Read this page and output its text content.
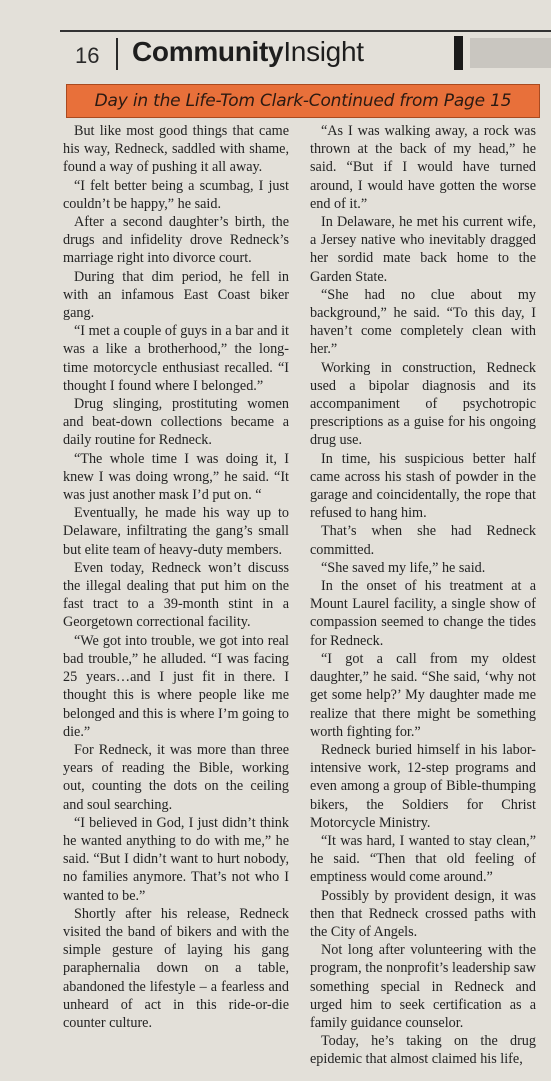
16 CommunityInsight
Day in the Life-Tom Clark-Continued from Page 15

But like most good things that came his way, Redneck, saddled with shame, found a way of pushing it all away.

“I felt better being a scumbag, I just couldn’t be happy,” he said.

After a second daughter’s birth, the drugs and infidelity drove Redneck’s marriage right into divorce court.

During that dim period, he fell in with an infamous East Coast biker gang.

“I met a couple of guys in a bar and it was a like a brotherhood,” the long-time motorcycle enthusiast recalled. “I thought I found where I belonged.”

Drug slinging, prostituting women and beat-down collections became a daily routine for Redneck.

“The whole time I was doing it, I knew I was doing wrong,” he said. “It was just another mask I’d put on. “

Eventually, he made his way up to Delaware, infiltrating the gang’s small but elite team of heavy-duty members.

Even today, Redneck won’t discuss the illegal dealing that put him on the fast tract to a 39-month stint in a Georgetown correctional facility.

“We got into trouble, we got into real bad trouble,” he alluded. “I was facing 25 years…and I just fit in there. I thought this is where people like me belonged and this is where I’m going to die.”

For Redneck, it was more than three years of reading the Bible, working out, counting the dots on the ceiling and soul searching.

“I believed in God, I just didn’t think he wanted anything to do with me,” he said. “But I didn’t want to hurt nobody, no families anymore. That’s not who I wanted to be.”

Shortly after his release, Redneck visited the band of bikers and with the simple gesture of laying his gang paraphernalia down on a table, abandoned the lifestyle – a fearless and unheard of act in this ride-or-die counter culture.

“As I was walking away, a rock was thrown at the back of my head,” he said. “But if I would have turned around, I would have gotten the worse end of it.”

In Delaware, he met his current wife, a Jersey native who inevitably dragged her sordid mate back home to the Garden State.

“She had no clue about my background,” he said. “To this day, I haven’t come completely clean with her.”

Working in construction, Redneck used a bipolar diagnosis and its accompaniment of psychotropic prescriptions as a guise for his ongoing drug use.

In time, his suspicious better half came across his stash of powder in the garage and coincidentally, the rope that refused to hang him.

That’s when she had Redneck committed.

“She saved my life,” he said.

In the onset of his treatment at a Mount Laurel facility, a single show of compassion seemed to change the tides for Redneck.

“I got a call from my oldest daughter,” he said. “She said, ‘why not get some help?’ My daughter made me realize that there might be something worth fighting for.”

Redneck buried himself in his labor-intensive work, 12-step programs and even among a group of Bible-thumping bikers, the Soldiers for Christ Motorcycle Ministry.

“It was hard, I wanted to stay clean,” he said. “Then that old feeling of emptiness would come around.”

Possibly by provident design, it was then that Redneck crossed paths with the City of Angels.

Not long after volunteering with the program, the nonprofit’s leadership saw something special in Redneck and urged him to seek certification as a family guidance counselor.

Today, he’s taking on the drug epidemic that almost claimed his life,
